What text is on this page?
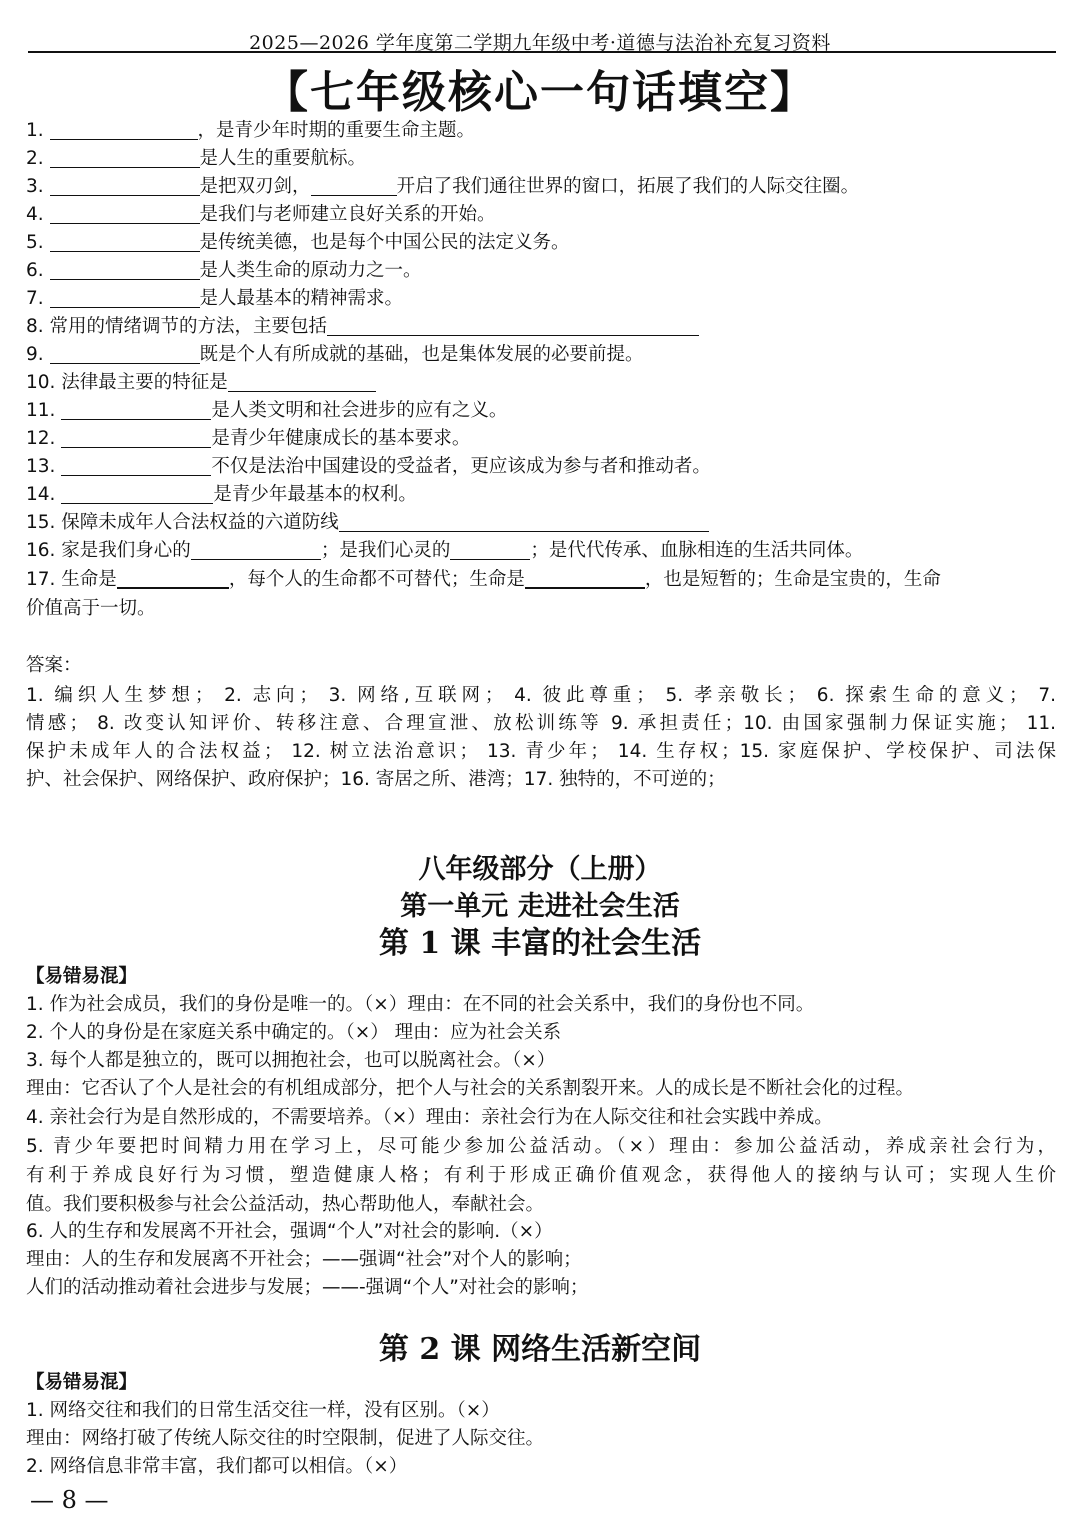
2025—2026 学年度第二学期九年级中考·道德与法治补充复习资料
【七年级核心一句话填空】
1.	，是青少年时期的重要生命主题。
2.	是人生的重要航标。
3.	是把双刃剑，	开启了我们通往世界的窗口，拓展了我们的人际交往圈。
4.	是我们与老师建立良好关系的开始。
5.	是传统美德，也是每个中国公民的法定义务。
6.	是人类生命的原动力之一。
7.	是人最基本的精神需求。
8. 常用的情绪调节的方法，主要包括
9.	既是个人有所成就的基础，也是集体发展的必要前提。
10. 法律最主要的特征是
11.	是人类文明和社会进步的应有之义。
12.	是青少年健康成长的基本要求。
13.	不仅是法治中国建设的受益者，更应该成为参与者和推动者。
14.	是青少年最基本的权利。
15. 保障未成年人合法权益的六道防线
16. 家是我们身心的	；是我们心灵的	；是代代传承、血脉相连的生活共同体。
17. 生命是	，每个人的生命都不可替代；生命是	，也是短暂的；生命是宝贵的，生命
价值高于一切。
答案：
1. 编织人生梦想； 2. 志向； 3. 网络,互联网； 4. 彼此尊重； 5. 孝亲敬长； 6. 探索生命的意义； 7.
情感； 8. 改变认知评价、转移注意、合理宣泄、放松训练等 9. 承担责任；10. 由国家强制力保证实施； 11.
保护未成年人的合法权益； 12. 树立法治意识； 13. 青少年； 14. 生存权；15. 家庭保护、学校保护、司法保
护、社会保护、网络保护、政府保护；16. 寄居之所、港湾；17. 独特的，不可逆的；
八年级部分（上册）
第一单元 走进社会生活
第 1 课 丰富的社会生活
【易错易混】
1. 作为社会成员，我们的身份是唯一的。（×）理由：在不同的社会关系中，我们的身份也不同。
2. 个人的身份是在家庭关系中确定的。（×） 理由：应为社会关系
3. 每个人都是独立的，既可以拥抱社会，也可以脱离社会。（×）
理由：它否认了个人是社会的有机组成部分，把个人与社会的关系割裂开来。人的成长是不断社会化的过程。
4. 亲社会行为是自然形成的，不需要培养。（×）理由：亲社会行为在人际交往和社会实践中养成。
5. 青少年要把时间精力用在学习上，尽可能少参加公益活动。（×）理由：参加公益活动，养成亲社会行为，
有利于养成良好行为习惯，塑造健康人格；有利于形成正确价值观念，获得他人的接纳与认可；实现人生价
值。我们要积极参与社会公益活动，热心帮助他人，奉献社会。
6. 人的生存和发展离不开社会，强调“个人”对社会的影响.（×）
理由：人的生存和发展离不开社会；——强调“社会”对个人的影响；
人们的活动推动着社会进步与发展；——-强调“个人”对社会的影响；
第 2 课 网络生活新空间
【易错易混】
1. 网络交往和我们的日常生活交往一样，没有区别。（×）
理由：网络打破了传统人际交往的时空限制，促进了人际交往。
2. 网络信息非常丰富，我们都可以相信。（×）
— 8 —
